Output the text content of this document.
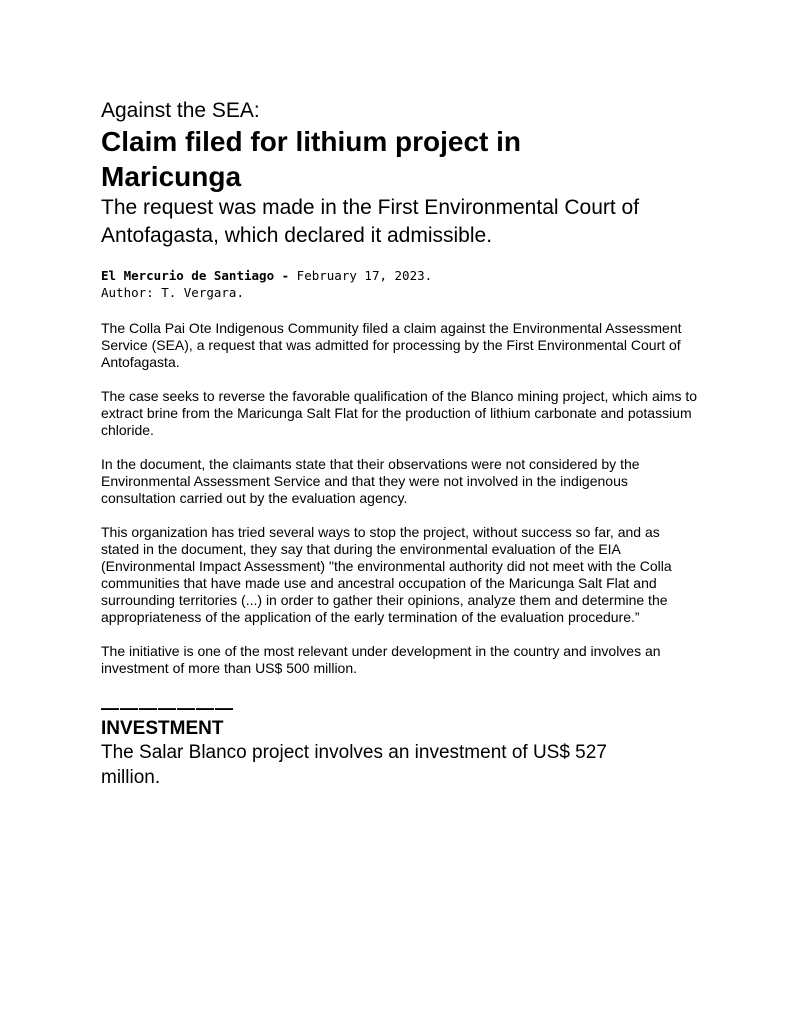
Against the SEA:
Claim filed for lithium project in Maricunga
The request was made in the First Environmental Court of Antofagasta, which declared it admissible.
El Mercurio de Santiago - February 17, 2023.
Author: T. Vergara.

The Colla Pai Ote Indigenous Community filed a claim against the Environmental Assessment Service (SEA), a request that was admitted for processing by the First Environmental Court of Antofagasta.

The case seeks to reverse the favorable qualification of the Blanco mining project, which aims to extract brine from the Maricunga Salt Flat for the production of lithium carbonate and potassium chloride.

In the document, the claimants state that their observations were not considered by the Environmental Assessment Service and that they were not involved in the indigenous consultation carried out by the evaluation agency.

This organization has tried several ways to stop the project, without success so far, and as stated in the document, they say that during the environmental evaluation of the EIA (Environmental Impact Assessment) "the environmental authority did not meet with the Colla communities that have made use and ancestral occupation of the Maricunga Salt Flat and surrounding territories (...) in order to gather their opinions, analyze them and determine the appropriateness of the application of the early termination of the evaluation procedure.”

The initiative is one of the most relevant under development in the country and involves an investment of more than US$ 500 million.

———————
INVESTMENT
The Salar Blanco project involves an investment of US$ 527 million.
